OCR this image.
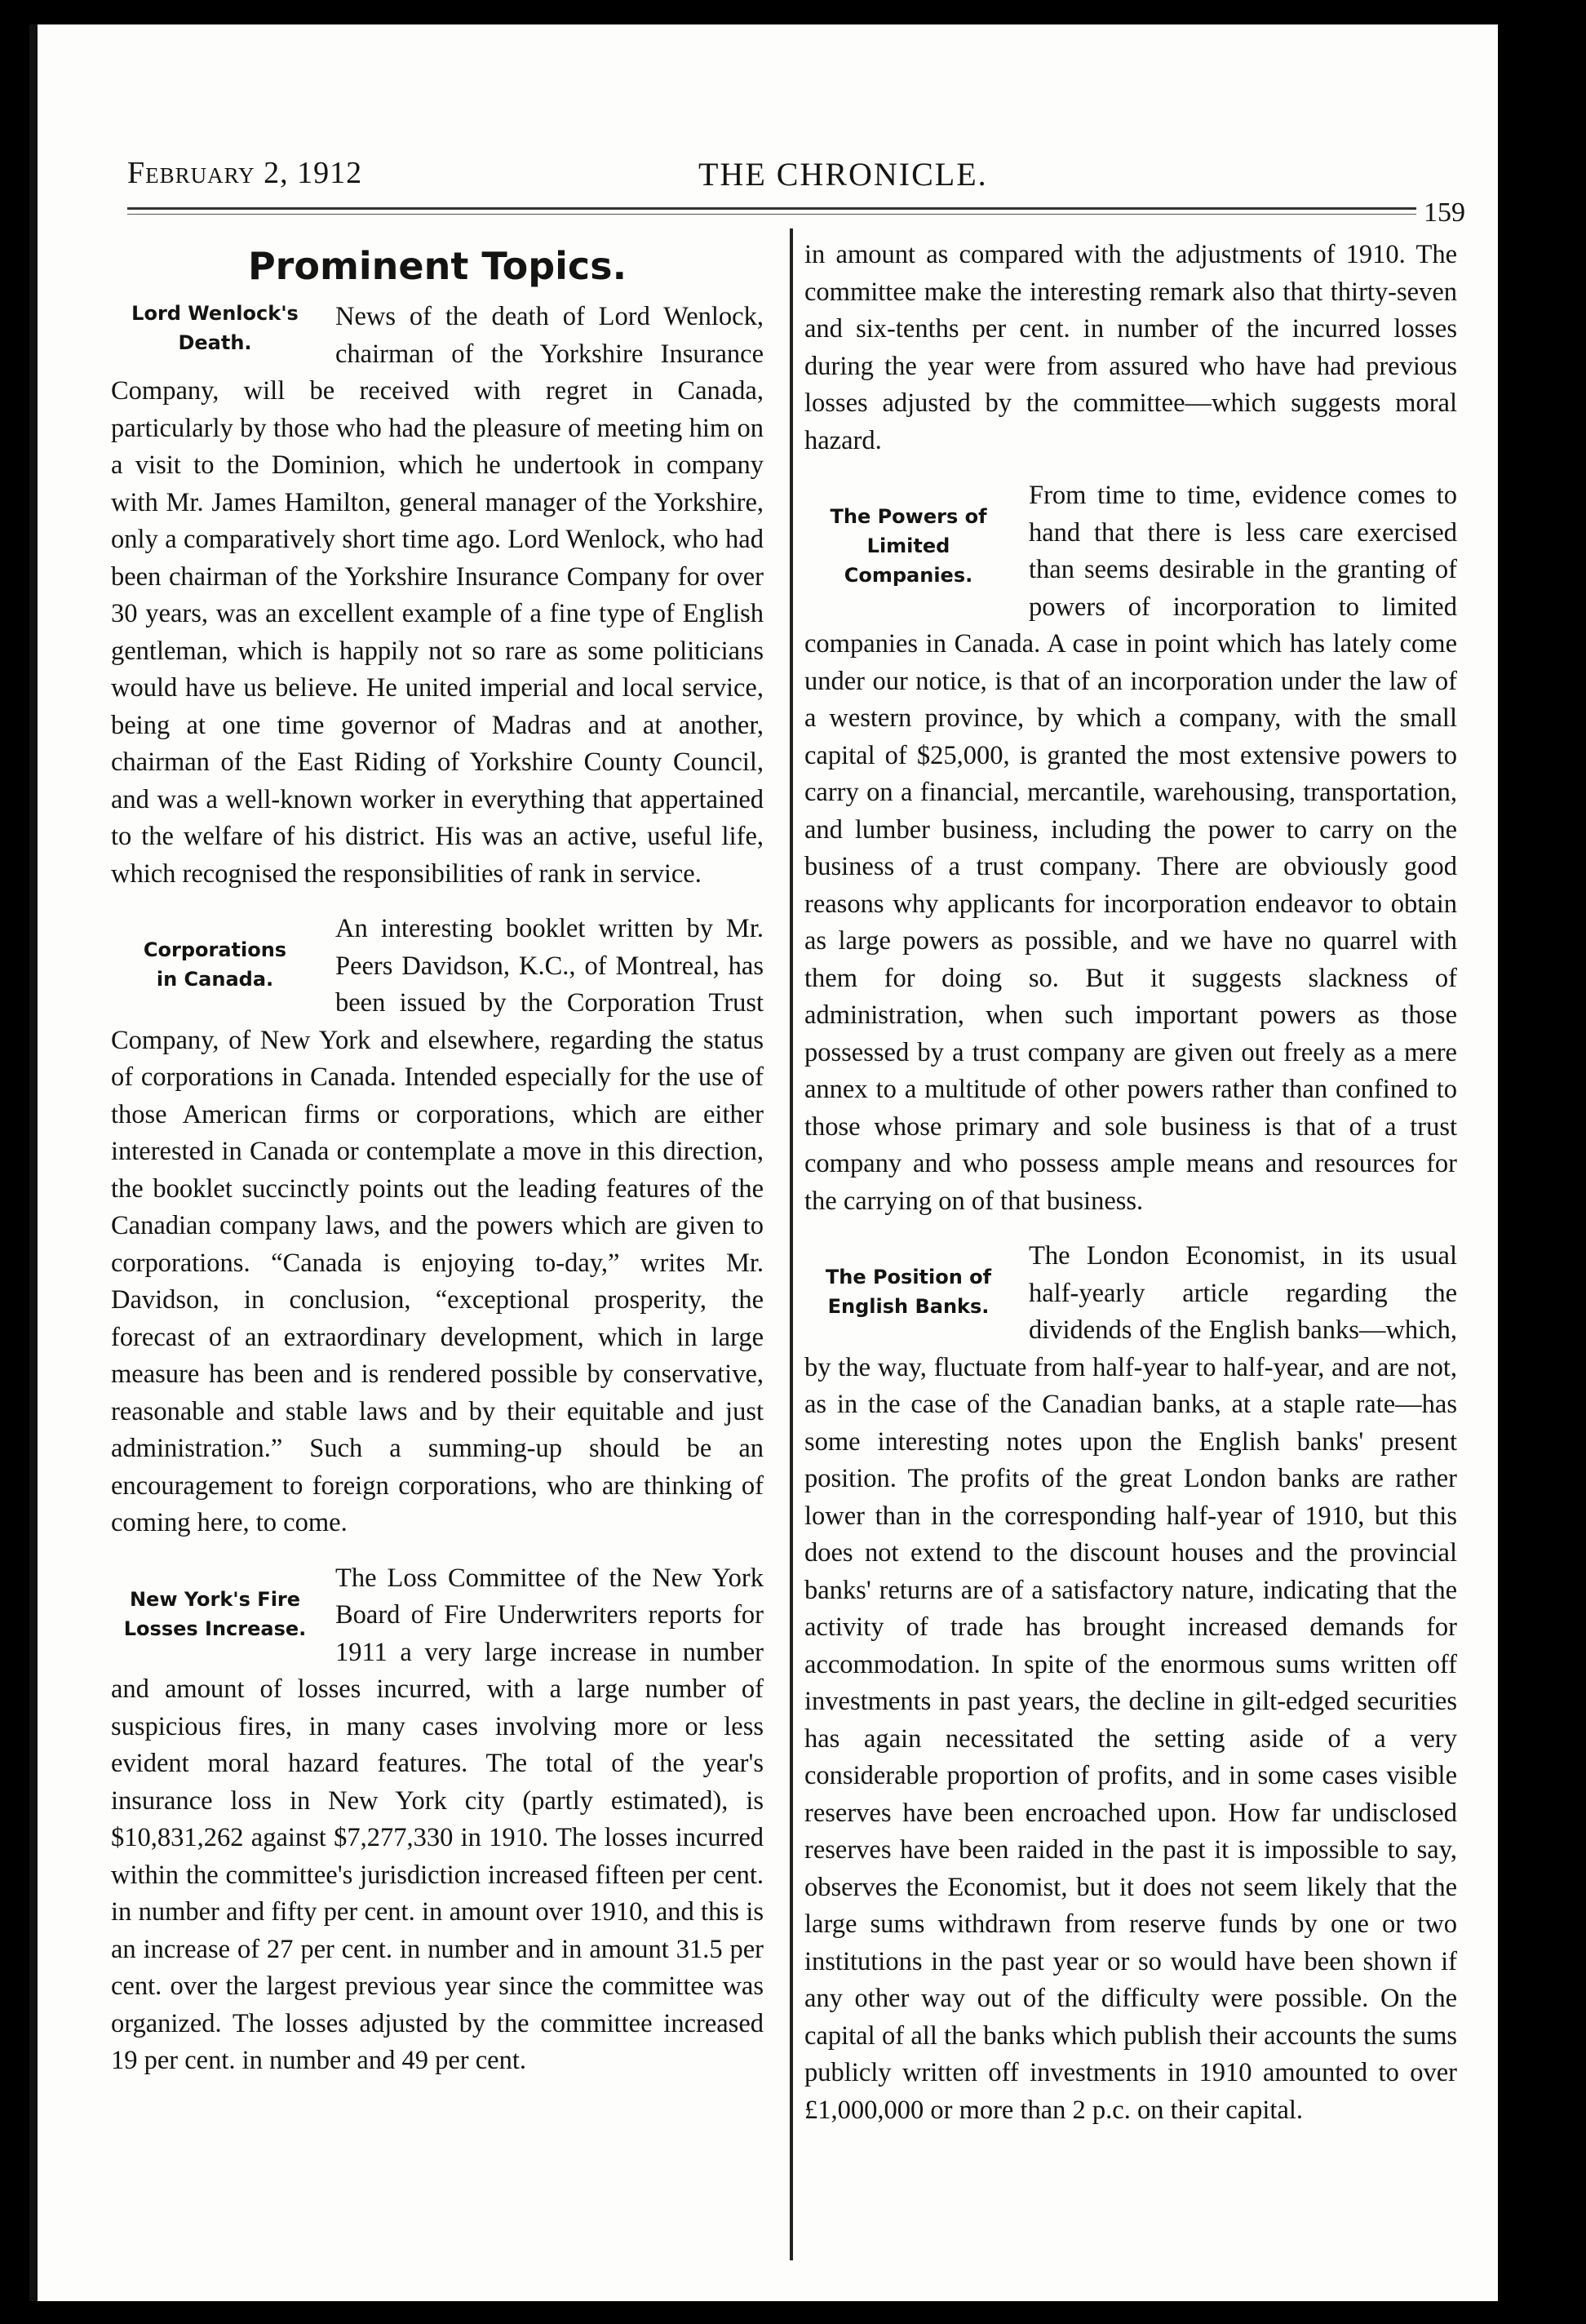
February 2, 1912	THE CHRONICLE.
159
Prominent Topics.
Lord Wenlock's
Death.

News of the death of Lord Wenlock, chairman of the Yorkshire Insurance Company, will be received with regret in Canada, particularly by those who had the pleasure of meeting him on a visit to the Dominion, which he undertook in company with Mr. James Hamilton, general manager of the Yorkshire, only a comparatively short time ago. Lord Wenlock, who had been chairman of the Yorkshire Insurance Company for over 30 years, was an excellent example of a fine type of English gentleman, which is happily not so rare as some politicians would have us believe. He united imperial and local service, being at one time governor of Madras and at another, chairman of the East Riding of Yorkshire County Council, and was a well-known worker in everything that appertained to the welfare of his district. His was an active, useful life, which recognised the responsibilities of rank in service.

Corporations
in Canada.

An interesting booklet written by Mr. Peers Davidson, K.C., of Montreal, has been issued by the Corporation Trust Company, of New York and elsewhere, regarding the status of corporations in Canada. Intended especially for the use of those American firms or corporations, which are either interested in Canada or contemplate a move in this direction, the booklet succinctly points out the leading features of the Canadian company laws, and the powers which are given to corporations. “Canada is enjoying to-day,” writes Mr. Davidson, in conclusion, “exceptional prosperity, the forecast of an extraordinary development, which in large measure has been and is rendered possible by conservative, reasonable and stable laws and by their equitable and just administration.” Such a summing-up should be an encouragement to foreign corporations, who are thinking of coming here, to come.

New York's Fire
Losses Increase.

The Loss Committee of the New York Board of Fire Underwriters reports for 1911 a very large increase in number and amount of losses incurred, with a large number of suspicious fires, in many cases involving more or less evident moral hazard features. The total of the year's insurance loss in New York city (partly estimated), is $10,831,262 against $7,277,330 in 1910. The losses incurred within the committee's jurisdiction increased fifteen per cent. in number and fifty per cent. in amount over 1910, and this is an increase of 27 per cent. in number and in amount 31.5 per cent. over the largest previous year since the committee was organized. The losses adjusted by the committee increased 19 per cent. in number and 49 per cent.

in amount as compared with the adjustments of 1910. The committee make the interesting remark also that thirty-seven and six-tenths per cent. in number of the incurred losses during the year were from assured who have had previous losses adjusted by the committee—which suggests moral hazard.

The Powers of
Limited Companies.

From time to time, evidence comes to hand that there is less care exercised than seems desirable in the granting of powers of incorporation to limited companies in Canada. A case in point which has lately come under our notice, is that of an incorporation under the law of a western province, by which a company, with the small capital of $25,000, is granted the most extensive powers to carry on a financial, mercantile, warehousing, transportation, and lumber business, including the power to carry on the business of a trust company. There are obviously good reasons why applicants for incorporation endeavor to obtain as large powers as possible, and we have no quarrel with them for doing so. But it suggests slackness of administration, when such important powers as those possessed by a trust company are given out freely as a mere annex to a multitude of other powers rather than confined to those whose primary and sole business is that of a trust company and who possess ample means and resources for the carrying on of that business.

The Position of
English Banks.

The London Economist, in its usual half-yearly article regarding the dividends of the English banks—which, by the way, fluctuate from half-year to half-year, and are not, as in the case of the Canadian banks, at a staple rate—has some interesting notes upon the English banks' present position. The profits of the great London banks are rather lower than in the corresponding half-year of 1910, but this does not extend to the discount houses and the provincial banks' returns are of a satisfactory nature, indicating that the activity of trade has brought increased demands for accommodation. In spite of the enormous sums written off investments in past years, the decline in gilt-edged securities has again necessitated the setting aside of a very considerable proportion of profits, and in some cases visible reserves have been encroached upon. How far undisclosed reserves have been raided in the past it is impossible to say, observes the Economist, but it does not seem likely that the large sums withdrawn from reserve funds by one or two institutions in the past year or so would have been shown if any other way out of the difficulty were possible. On the capital of all the banks which publish their accounts the sums publicly written off investments in 1910 amounted to over £1,000,000 or more than 2 p.c. on their capital.
